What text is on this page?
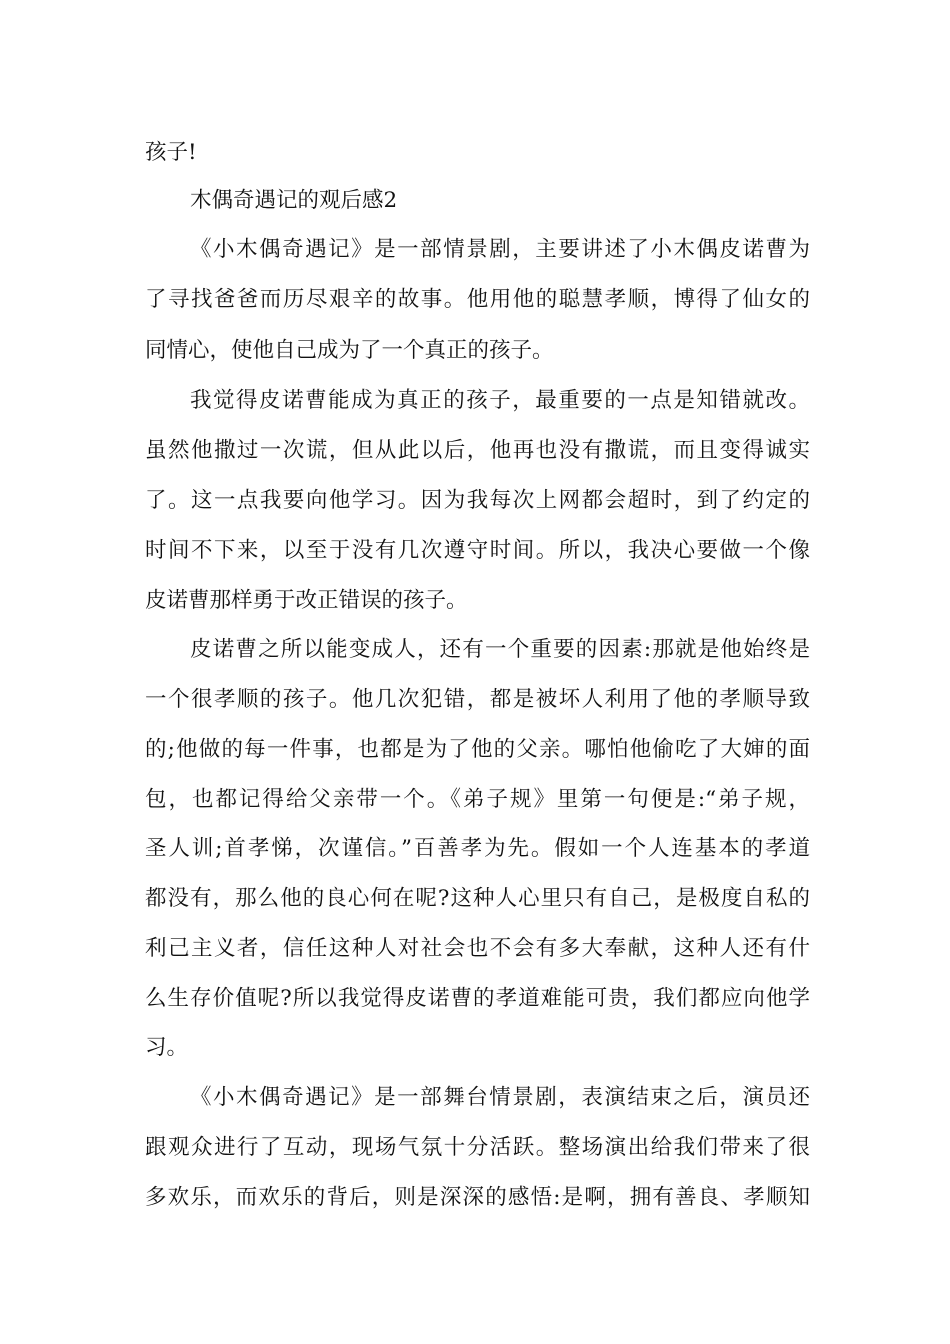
孩子!
木偶奇遇记的观后感2
《小木偶奇遇记》是一部情景剧，主要讲述了小木偶皮诺曹为
了寻找爸爸而历尽艰辛的故事。他用他的聪慧孝顺，博得了仙女的
同情心，使他自己成为了一个真正的孩子。
我觉得皮诺曹能成为真正的孩子，最重要的一点是知错就改。
虽然他撒过一次谎，但从此以后，他再也没有撒谎，而且变得诚实
了。这一点我要向他学习。因为我每次上网都会超时，到了约定的
时间不下来，以至于没有几次遵守时间。所以，我决心要做一个像
皮诺曹那样勇于改正错误的孩子。
皮诺曹之所以能变成人，还有一个重要的因素:那就是他始终是
一个很孝顺的孩子。他几次犯错，都是被坏人利用了他的孝顺导致
的;他做的每一件事，也都是为了他的父亲。哪怕他偷吃了大婶的面
包，也都记得给父亲带一个。《弟子规》里第一句便是:“弟子规，
圣人训;首孝悌，次谨信。”百善孝为先。假如一个人连基本的孝道
都没有，那么他的良心何在呢?这种人心里只有自己，是极度自私的
利己主义者，信任这种人对社会也不会有多大奉献，这种人还有什
么生存价值呢?所以我觉得皮诺曹的孝道难能可贵，我们都应向他学
习。
《小木偶奇遇记》是一部舞台情景剧，表演结束之后，演员还
跟观众进行了互动，现场气氛十分活跃。整场演出给我们带来了很
多欢乐，而欢乐的背后，则是深深的感悟:是啊，拥有善良、孝顺知
